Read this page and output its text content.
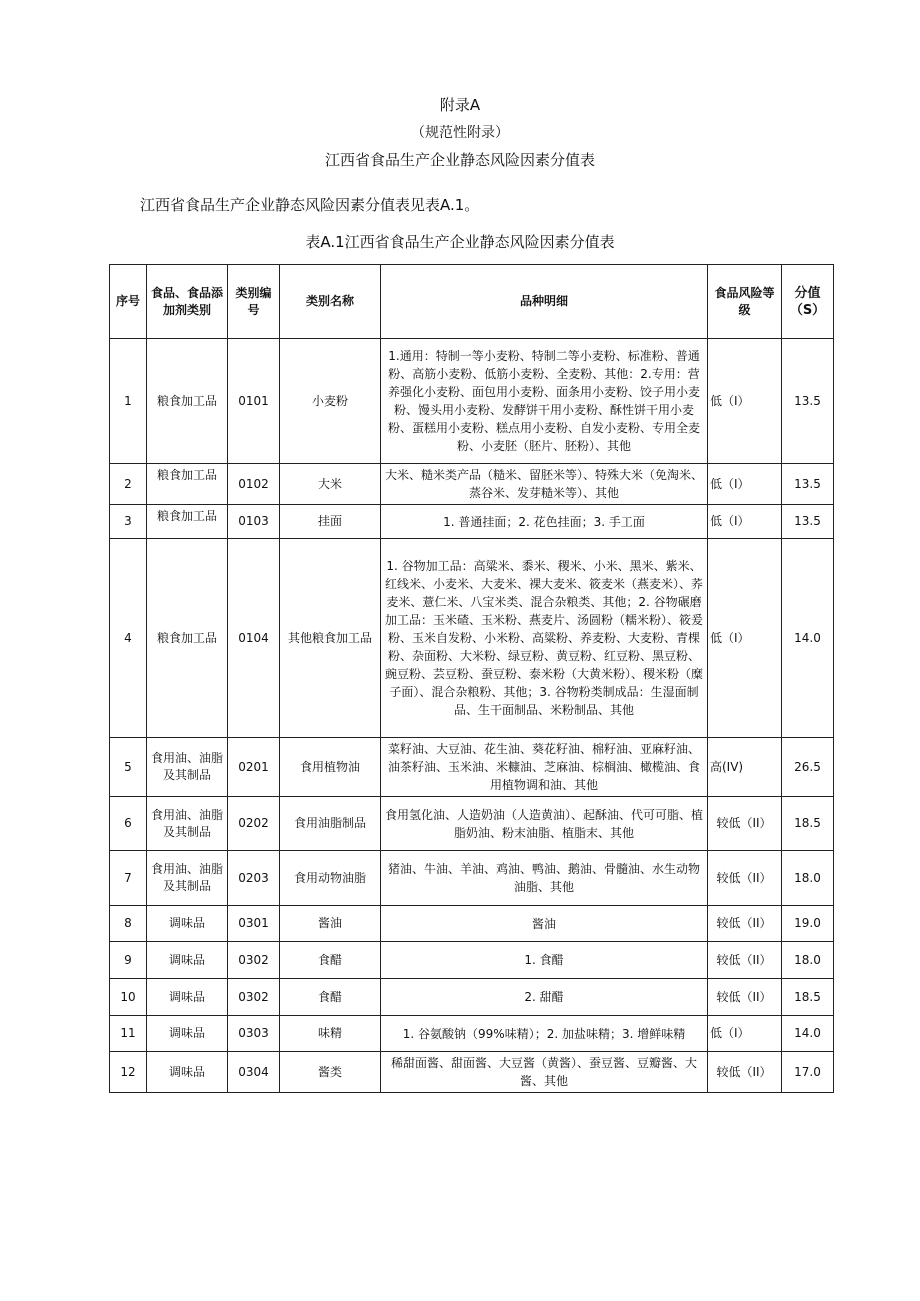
附录A
（规范性附录）
江西省食品生产企业静态风险因素分值表
江西省食品生产企业静态风险因素分值表见表A.1。
表A.1江西省食品生产企业静态风险因素分值表
序号	食品、食品添加剂类别	类别编号	类别名称	品种明细	食品风险等级	分值（S）
1	粮食加工品	0101	小麦粉	1.通用：特制一等小麦粉、特制二等小麦粉、标准粉、普通粉、高筋小麦粉、低筋小麦粉、全麦粉、其他：2.专用：营养强化小麦粉、面包用小麦粉、面条用小麦粉、饺子用小麦粉、馒头用小麦粉、发酵饼干用小麦粉、酥性饼干用小麦粉、蛋糕用小麦粉、糕点用小麦粉、自发小麦粉、专用全麦粉、小麦胚（胚片、胚粉）、其他	低（I）	13.5
2	粮食加工品	0102	大米	大米、糙米类产品（糙米、留胚米等）、特殊大米（免淘米、蒸谷米、发芽糙米等）、其他	低（I）	13.5
3	粮食加工品	0103	挂面	1. 普通挂面；2. 花色挂面；3. 手工面	低（I）	13.5
4	粮食加工品	0104	其他粮食加工品	1. 谷物加工品：高粱米、黍米、稷米、小米、黑米、紫米、红线米、小麦米、大麦米、裸大麦米、筱麦米（燕麦米）、荞麦米、薏仁米、八宝米类、混合杂粮类、其他；2. 谷物碾磨加工品：玉米碴、玉米粉、燕麦片、汤圆粉（糯米粉）、筱爰粉、玉米自发粉、小米粉、高粱粉、养麦粉、大麦粉、青棵粉、杂面粉、大米粉、绿豆粉、黄豆粉、红豆粉、黑豆粉、豌豆粉、芸豆粉、蚕豆粉、泰米粉（大黄米粉）、稷米粉（糜子面）、混合杂粮粉、其他；3. 谷物粉类制成品：生湿面制品、生干面制品、米粉制品、其他	低（I）	14.0
5	食用油、油脂及其制品	0201	食用植物油	菜籽油、大豆油、花生油、葵花籽油、棉籽油、亚麻籽油、油茶籽油、玉米油、米糠油、芝麻油、棕榈油、橄榄油、食用植物调和油、其他	高(IV)	26.5
6	食用油、油脂及其制品	0202	食用油脂制品	食用氢化油、人造奶油（人造黄油）、起酥油、代可可脂、植脂奶油、粉末油脂、植脂末、其他	较低（II）	18.5
7	食用油、油脂及其制品	0203	食用动物油脂	猪油、牛油、羊油、鸡油、鸭油、鹅油、骨髓油、水生动物油脂、其他	较低（II）	18.0
8	调味品	0301	酱油	酱油	较低（II）	19.0
9	调味品	0302	食醋	1. 食醋	较低（II）	18.0
10	调味品	0302	食醋	2. 甜醋	较低（II）	18.5
11	调味品	0303	味精	1. 谷氨酸钠（99%味精）；2. 加盐味精；3. 增鲜味精	低（I）	14.0
12	调味品	0304	酱类	稀甜面酱、甜面酱、大豆酱（黄酱）、蚕豆酱、豆瓣酱、大酱、其他	较低（II）	17.0
